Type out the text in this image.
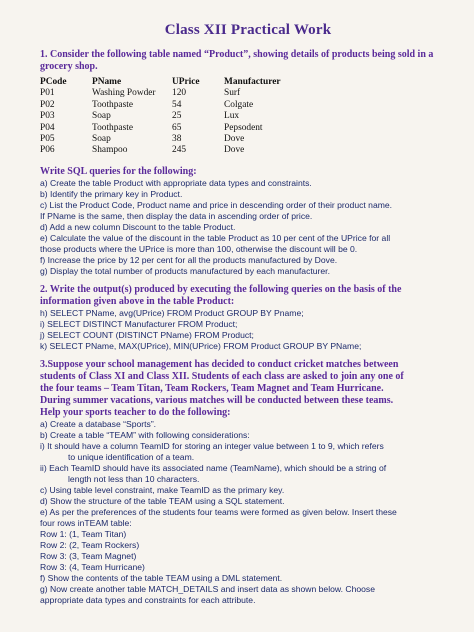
Class XII Practical Work
1. Consider the following table named “Product”, showing details of products being sold in a grocery shop.
PCode	PName	UPrice	Manufacturer
P01	Washing Powder	120	Surf
P02	Toothpaste	54	Colgate
P03	Soap	25	Lux
P04	Toothpaste	65	Pepsodent
P05	Soap	38	Dove
P06	Shampoo	245	Dove
Write SQL queries for the following:
a) Create the table Product with appropriate data types and constraints.
b) Identify the primary key in Product.
c) List the Product Code, Product name and price in descending order of their product name.
If PName is the same, then display the data in ascending order of price.
d) Add a new column Discount to the table Product.
e) Calculate the value of the discount in the table Product as 10 per cent of the UPrice for all
those products where the UPrice is more than 100, otherwise the discount will be 0.
f) Increase the price by 12 per cent for all the products manufactured by Dove.
g) Display the total number of products manufactured by each manufacturer.
2. Write the output(s) produced by executing the following queries on the basis of the
information given above in the table Product:
h) SELECT PName, avg(UPrice) FROM Product GROUP BY Pname;
i) SELECT DISTINCT Manufacturer FROM Product;
j) SELECT COUNT (DISTINCT PName) FROM Product;
k) SELECT PName, MAX(UPrice), MIN(UPrice) FROM Product GROUP BY PName;
3.Suppose your school management has decided to conduct cricket matches between
students of Class XI and Class XII. Students of each class are asked to join any one of
the four teams – Team Titan, Team Rockers, Team Magnet and Team Hurricane.
During summer vacations, various matches will be conducted between these teams.
Help your sports teacher to do the following:
a) Create a database “Sports”.
b) Create a table “TEAM” with following considerations:
i) It should have a column TeamID for storing an integer value between 1 to 9, which refers
to unique identification of a team.
ii) Each TeamID should have its associated name (TeamName), which should be a string of
length not less than 10 characters.
c) Using table level constraint, make TeamID as the primary key.
d) Show the structure of the table TEAM using a SQL statement.
e) As per the preferences of the students four teams were formed as given below. Insert these
four rows inTEAM table:
Row 1: (1, Team Titan)
Row 2: (2, Team Rockers)
Row 3: (3, Team Magnet)
Row 3: (4, Team Hurricane)
f) Show the contents of the table TEAM using a DML statement.
g) Now create another table MATCH_DETAILS and insert data as shown below. Choose
appropriate data types and constraints for each attribute.
